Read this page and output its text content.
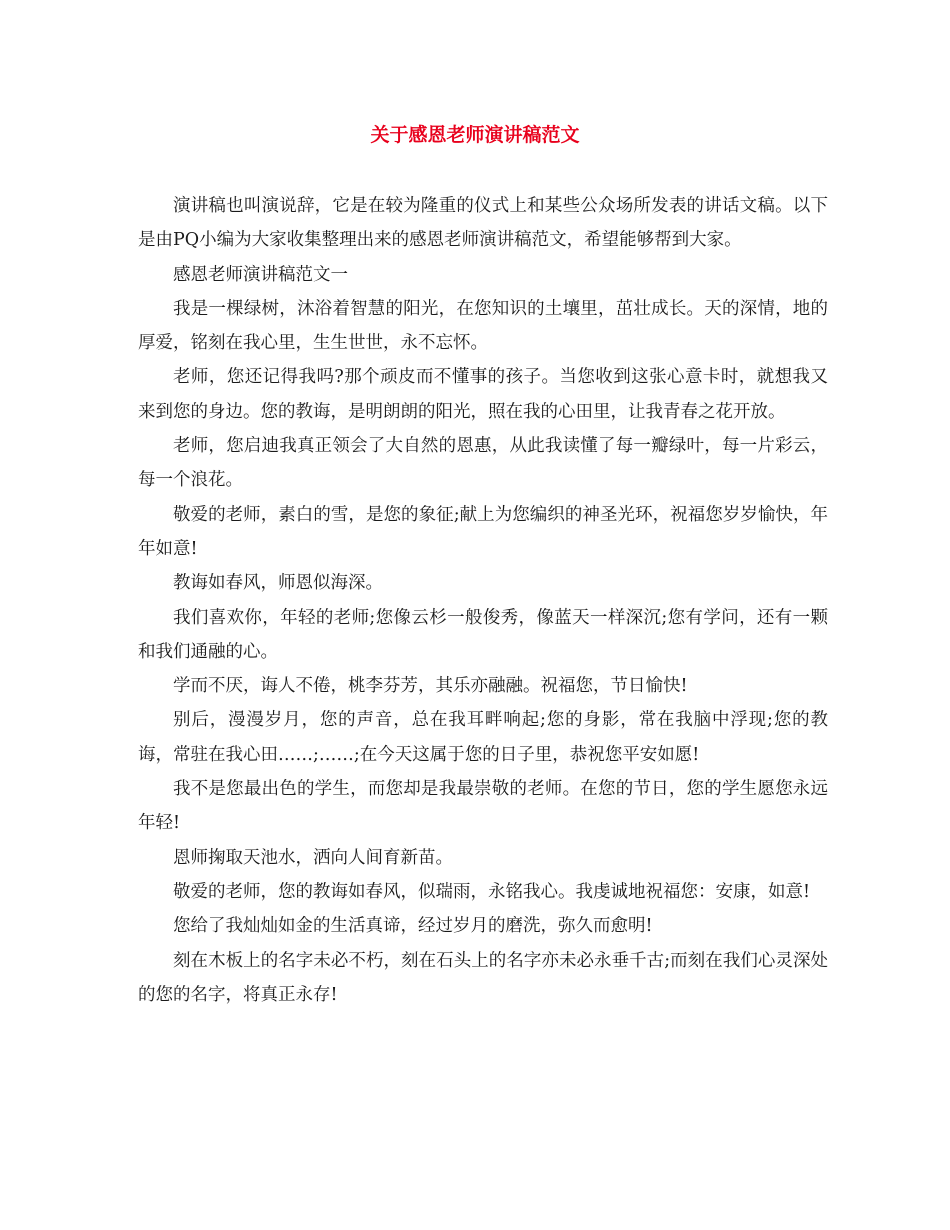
关于感恩老师演讲稿范文

演讲稿也叫演说辞，它是在较为隆重的仪式上和某些公众场所发表的讲话文稿。以下是由PQ小编为大家收集整理出来的感恩老师演讲稿范文，希望能够帮到大家。

感恩老师演讲稿范文一

我是一棵绿树，沐浴着智慧的阳光，在您知识的土壤里，茁壮成长。天的深情，地的厚爱，铭刻在我心里，生生世世，永不忘怀。

老师，您还记得我吗?那个顽皮而不懂事的孩子。当您收到这张心意卡时，就想我又来到您的身边。您的教诲，是明朗朗的阳光，照在我的心田里，让我青春之花开放。

老师，您启迪我真正领会了大自然的恩惠，从此我读懂了每一瓣绿叶，每一片彩云，每一个浪花。

敬爱的老师，素白的雪，是您的象征;献上为您编织的神圣光环，祝福您岁岁愉快，年年如意!

教诲如春风，师恩似海深。

我们喜欢你，年轻的老师;您像云杉一般俊秀，像蓝天一样深沉;您有学问，还有一颗和我们通融的心。

学而不厌，诲人不倦，桃李芬芳，其乐亦融融。祝福您，节日愉快!

别后，漫漫岁月，您的声音，总在我耳畔响起;您的身影，常在我脑中浮现;您的教诲，常驻在我心田……;……;在今天这属于您的日子里，恭祝您平安如愿!

我不是您最出色的学生，而您却是我最崇敬的老师。在您的节日，您的学生愿您永远年轻!

恩师掬取天池水，洒向人间育新苗。

敬爱的老师，您的教诲如春风，似瑞雨，永铭我心。我虔诚地祝福您：安康，如意!

您给了我灿灿如金的生活真谛，经过岁月的磨洗，弥久而愈明!

刻在木板上的名字未必不朽，刻在石头上的名字亦未必永垂千古;而刻在我们心灵深处的您的名字，将真正永存!
